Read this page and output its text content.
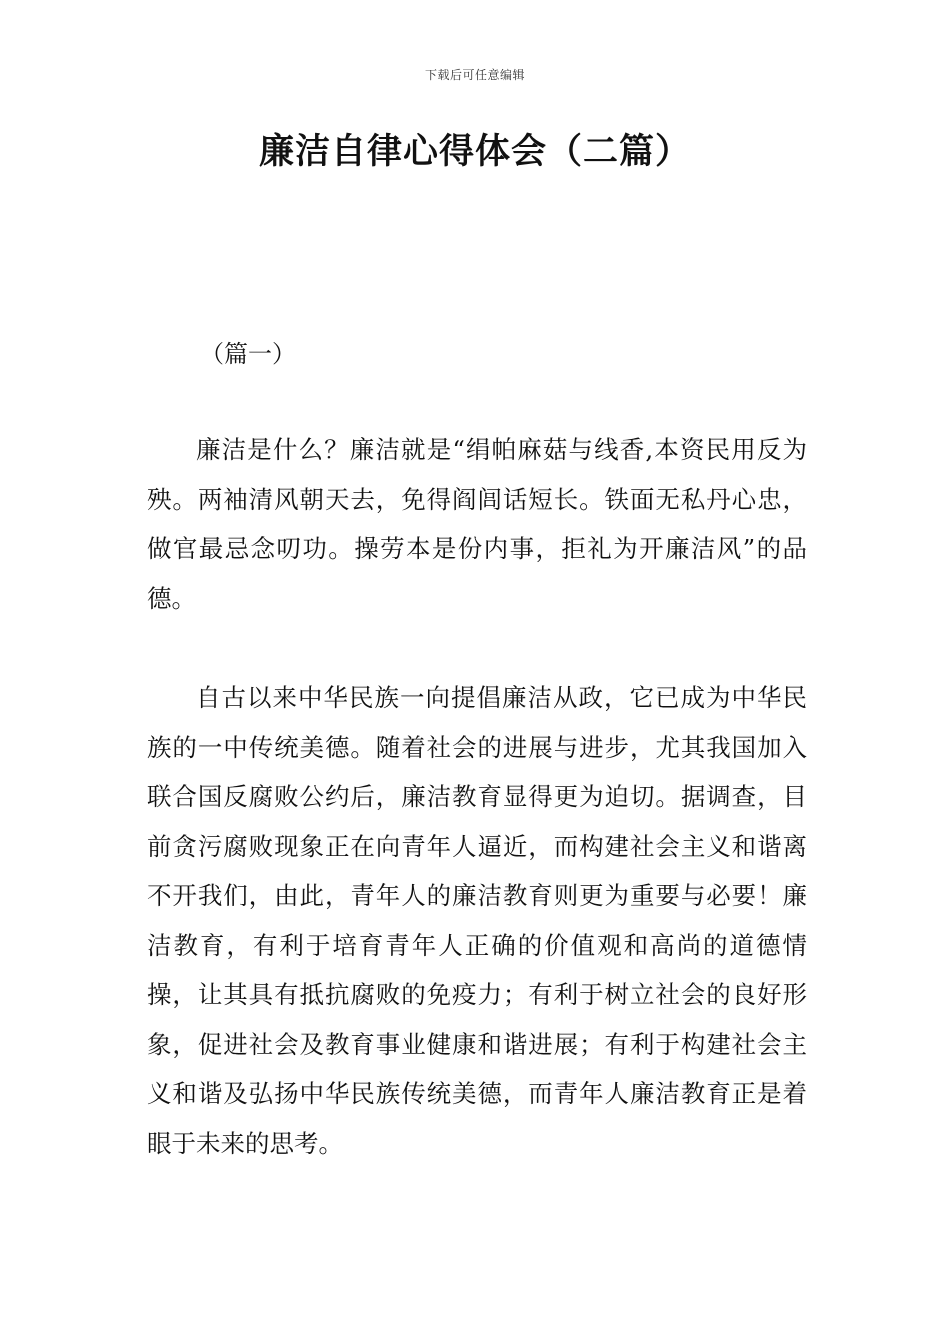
下载后可任意编辑
廉洁自律心得体会（二篇）
（篇一）

廉洁是什么？廉洁就是“绢帕麻菇与线香,本资民用反为殃。两袖清风朝天去，免得阎闾话短长。铁面无私丹心忠，做官最忌念叨功。操劳本是份内事，拒礼为开廉洁风”的品德。

自古以来中华民族一向提倡廉洁从政，它已成为中华民族的一中传统美德。随着社会的进展与进步，尤其我国加入联合国反腐败公约后，廉洁教育显得更为迫切。据调查，目前贪污腐败现象正在向青年人逼近，而构建社会主义和谐离不开我们，由此，青年人的廉洁教育则更为重要与必要！廉洁教育，有利于培育青年人正确的价值观和高尚的道德情操，让其具有抵抗腐败的免疫力；有利于树立社会的良好形象，促进社会及教育事业健康和谐进展；有利于构建社会主义和谐及弘扬中华民族传统美德，而青年人廉洁教育正是着眼于未来的思考。
